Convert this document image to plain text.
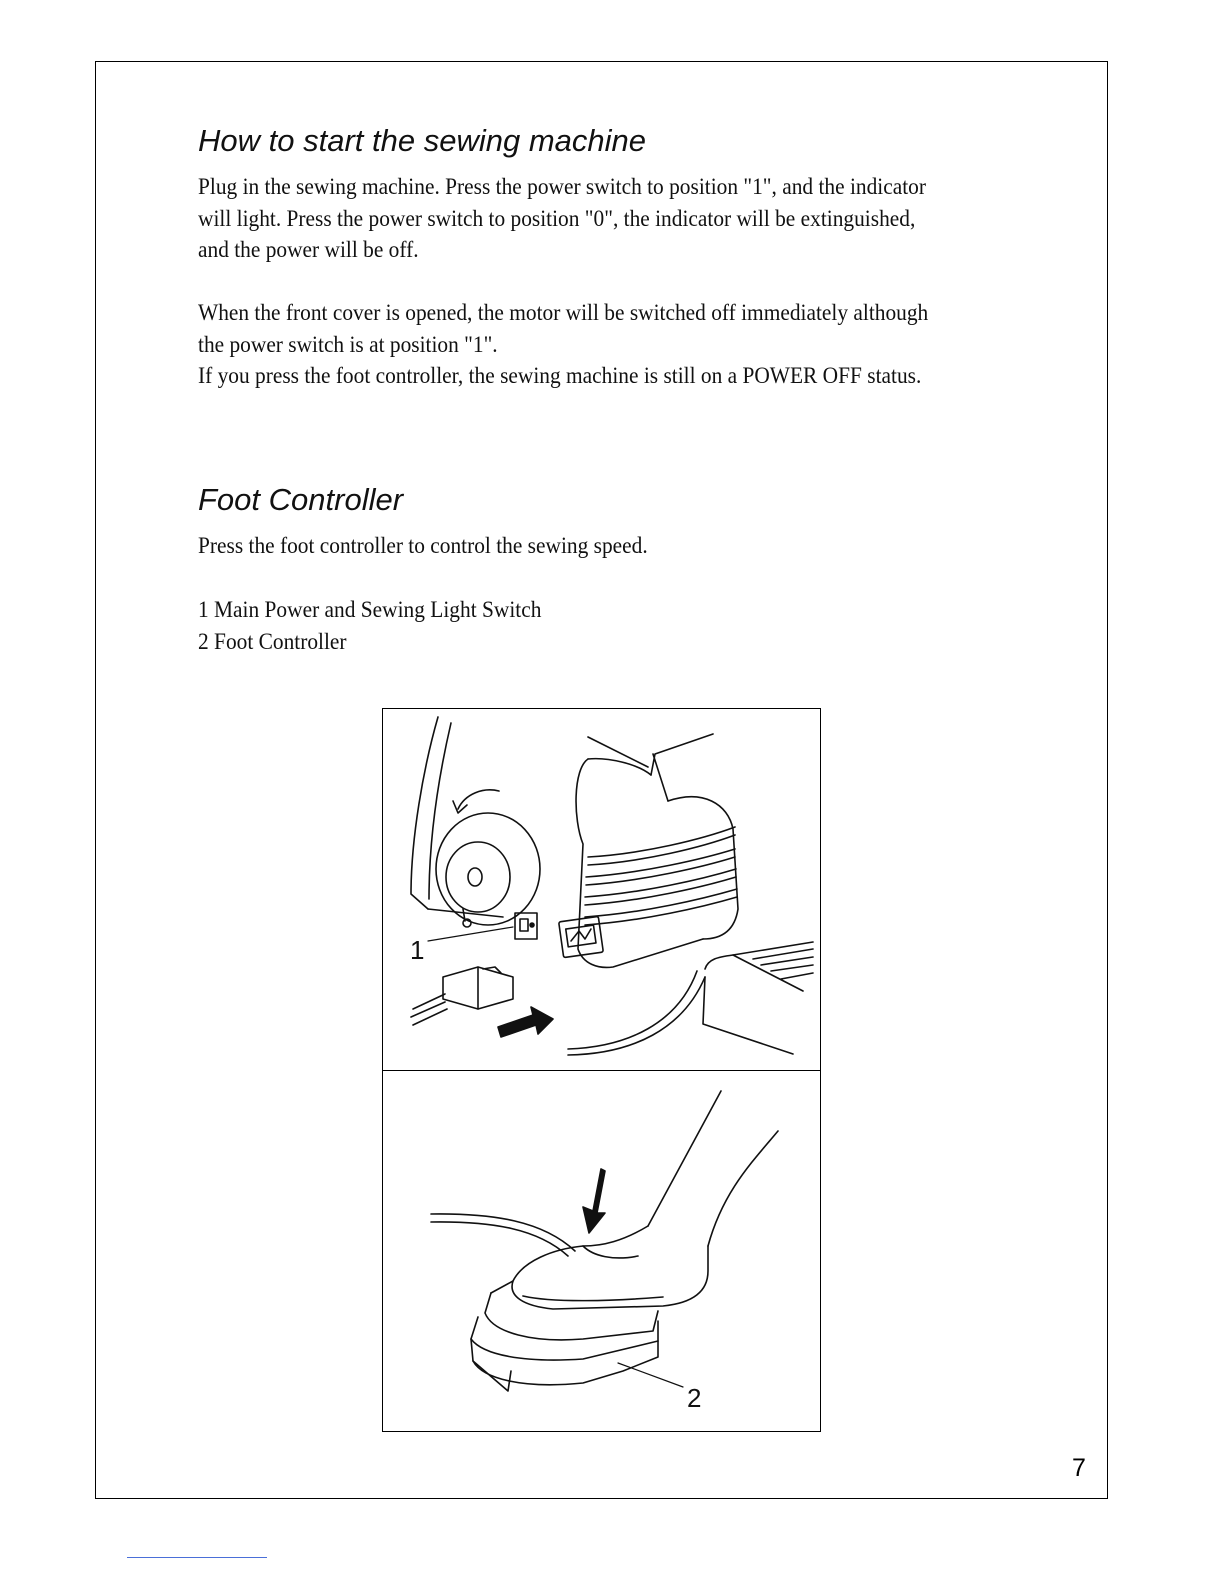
How to start the sewing machine

Plug in the sewing machine. Press the power switch to position "1", and the indicator
will light. Press the power switch to position "0", the indicator will be extinguished,
and the power will be off.

When the front cover is opened, the motor will be switched off immediately although
the power switch is at position "1".
If you press the foot controller, the sewing machine is still on a POWER OFF status.

Foot Controller

Press the foot controller to control the sewing speed.

1 Main Power and Sewing Light Switch
2 Foot Controller

1
2
7
